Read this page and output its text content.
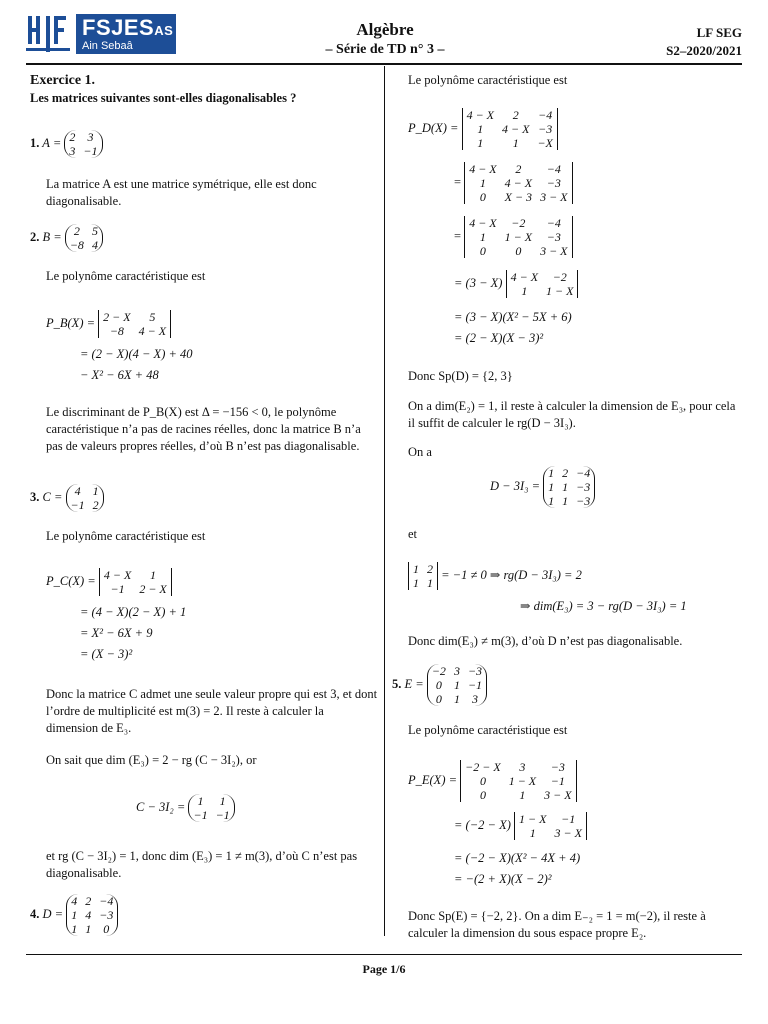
FSJESAS
Ain Sebaâ
Algèbre
– Série de TD n° 3 –
LF SEG
S2–2020/2021
Exercice 1.
Les matrices suivantes sont-elles diagonalisables ?
1. A = 2	3
3	−1
La matrice A est une matrice symétrique, elle est donc diagonalisable.
2. B = 2	5
−8	4
Le polynôme caractéristique est
P_B(X) = 2 − X	5
−8	4 − X
= (2 − X)(4 − X) + 40
− X² − 6X + 48
Le discriminant de P_B(X) est Δ = −156 < 0, le polynôme caractéristique n’a pas de racines réelles, donc la matrice B n’a pas de valeurs propres réelles, d’où B n’est pas diagonalisable.
3. C = 4	1
−1	2
Le polynôme caractéristique est
P_C(X) = 4 − X	1
−1	2 − X
= (4 − X)(2 − X) + 1
= X² − 6X + 9
= (X − 3)²
Donc la matrice C admet une seule valeur propre qui est 3, et dont l’ordre de multiplicité est m(3) = 2. Il reste à calculer la dimension de E₃.
On sait que dim (E₃) = 2 − rg (C − 3I₂), or
C − 3I₂ = 1	1
−1	−1
et rg (C − 3I₂) = 1, donc dim (E₃) = 1 ≠ m(3), d’où C n’est pas diagonalisable.
4. D = 4	2	−4
1	4	−3
1	1	0
Le polynôme caractéristique est
P_D(X) = 4 − X	2	−4
1	4 − X	−3
1	1	−X
= 4 − X	2	−4
1	4 − X	−3
0	X − 3	3 − X
= 4 − X	−2	−4
1	1 − X	−3
0	0	3 − X
= (3 − X) 4 − X	−2
1	1 − X
= (3 − X)(X² − 5X + 6)
= (2 − X)(X − 3)²
Donc Sp(D) = {2, 3}
On a dim(E₂) = 1, il reste à calculer la dimension de E₃, pour cela il suffit de calculer le rg(D − 3I₃).
On a
D − 3I₃ = 1	2	−4
1	1	−3
1	1	−3
et
1	2
1	1 = −1 ≠ 0 ⇒ rg(D − 3I₃) = 2
⇒ dim(E₃) = 3 − rg(D − 3I₃) = 1
Donc dim(E₃) ≠ m(3), d’où D n’est pas diagonalisable.
5. E = −2	3	−3
0	1	−1
0	1	3
Le polynôme caractéristique est
P_E(X) = −2 − X	3	−3
0	1 − X	−1
0	1	3 − X
= (−2 − X) 1 − X	−1
1	3 − X
= (−2 − X)(X² − 4X + 4)
= −(2 + X)(X − 2)²
Donc Sp(E) = {−2, 2}. On a dim E₋₂ = 1 = m(−2), il reste à calculer la dimension du sous espace propre E₂.
Page 1/6
